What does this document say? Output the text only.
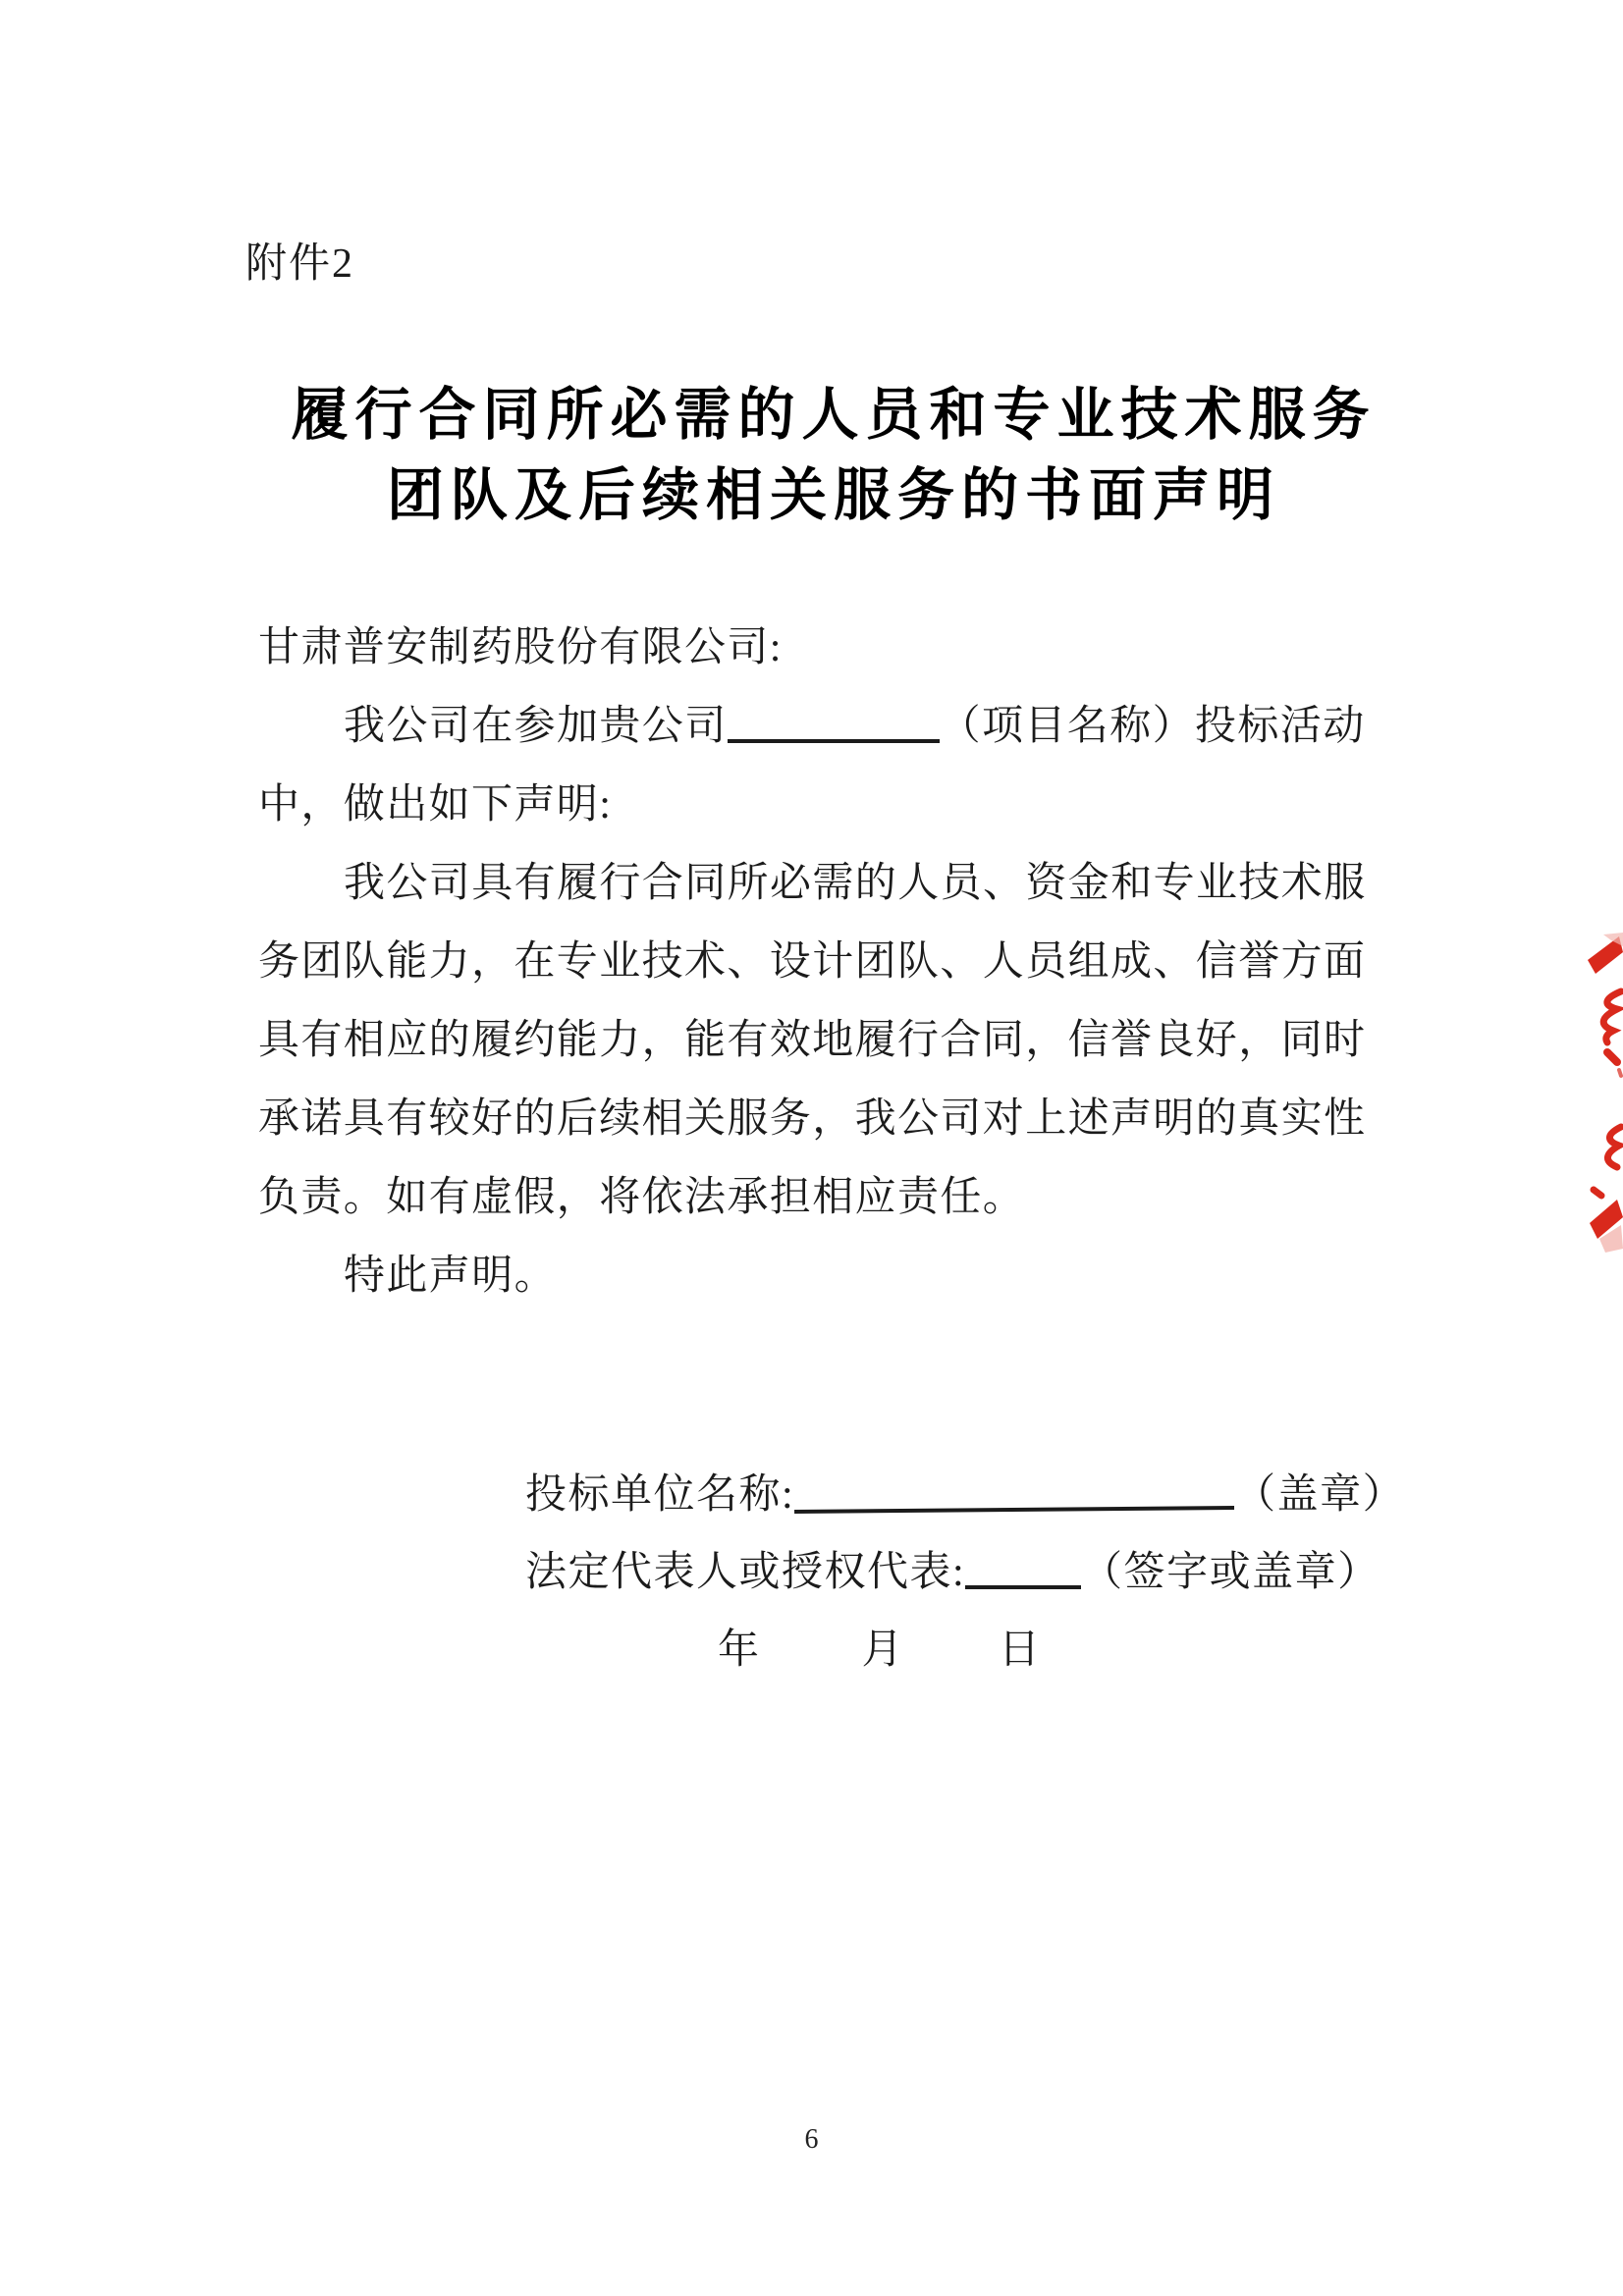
附件2
履行合同所必需的人员和专业技术服务
团队及后续相关服务的书面声明
甘肃普安制药股份有限公司:
我公司在参加贵公司	（项目名称）投标活动
中，做出如下声明:
我公司具有履行合同所必需的人员、资金和专业技术服
务团队能力，在专业技术、设计团队、人员组成、信誉方面
具有相应的履约能力，能有效地履行合同，信誉良好，同时
承诺具有较好的后续相关服务，我公司对上述声明的真实性
负责。如有虚假，将依法承担相应责任。
特此声明。
投标单位名称:	（盖章）
法定代表人或授权代表:	（签字或盖章）
年 月 日
6
